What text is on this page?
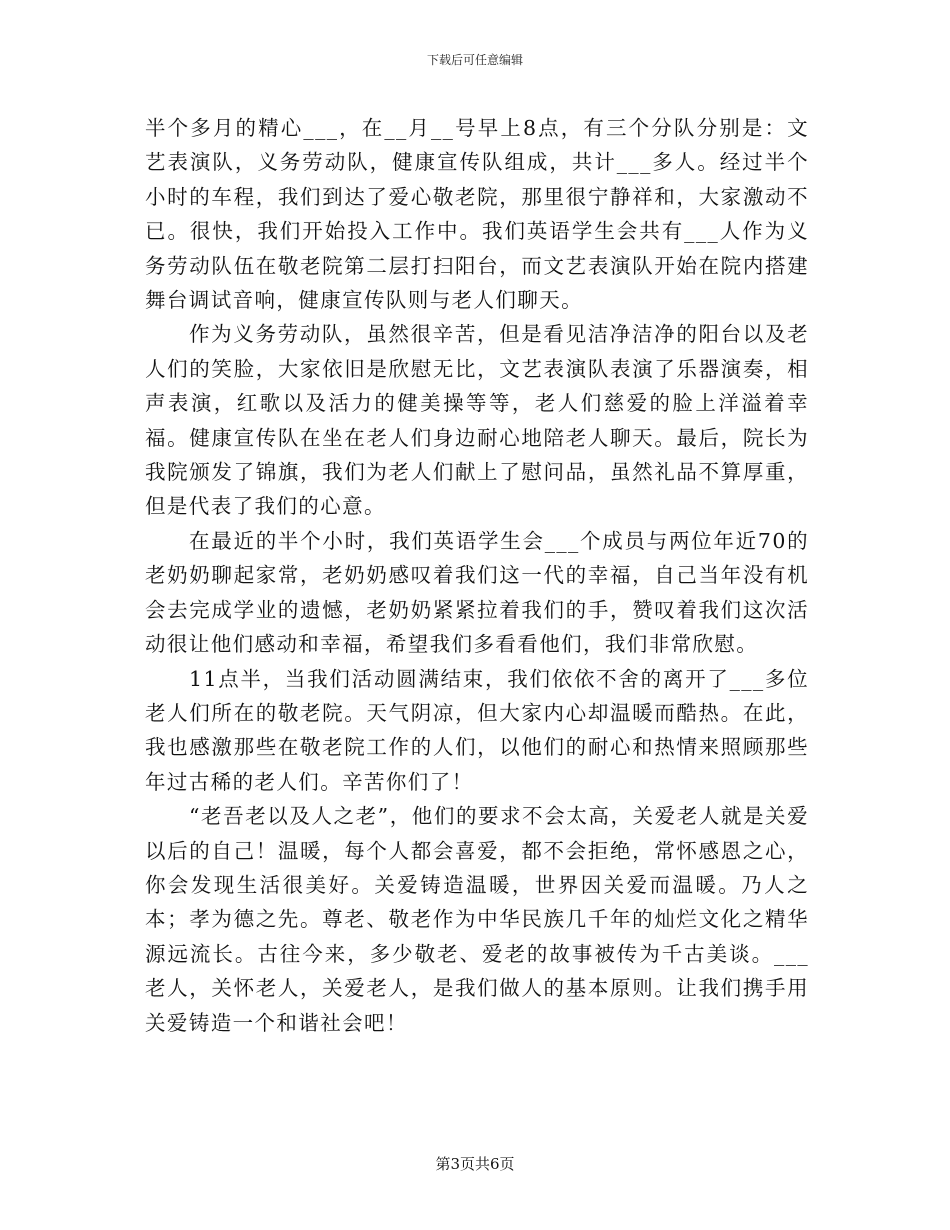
下载后可任意编辑

半个多月的精心___，在__月__号早上8点，有三个分队分别是：文艺表演队，义务劳动队，健康宣传队组成，共计___多人。经过半个小时的车程，我们到达了爱心敬老院，那里很宁静祥和，大家激动不已。很快，我们开始投入工作中。我们英语学生会共有___人作为义务劳动队伍在敬老院第二层打扫阳台，而文艺表演队开始在院内搭建舞台调试音响，健康宣传队则与老人们聊天。

作为义务劳动队，虽然很辛苦，但是看见洁净洁净的阳台以及老人们的笑脸，大家依旧是欣慰无比，文艺表演队表演了乐器演奏，相声表演，红歌以及活力的健美操等等，老人们慈爱的脸上洋溢着幸福。健康宣传队在坐在老人们身边耐心地陪老人聊天。最后，院长为我院颁发了锦旗，我们为老人们献上了慰问品，虽然礼品不算厚重，但是代表了我们的心意。

在最近的半个小时，我们英语学生会___个成员与两位年近70的老奶奶聊起家常，老奶奶感叹着我们这一代的幸福，自己当年没有机会去完成学业的遗憾，老奶奶紧紧拉着我们的手，赞叹着我们这次活动很让他们感动和幸福，希望我们多看看他们，我们非常欣慰。

11点半，当我们活动圆满结束，我们依依不舍的离开了___多位老人们所在的敬老院。天气阴凉，但大家内心却温暖而酷热。在此，我也感激那些在敬老院工作的人们，以他们的耐心和热情来照顾那些年过古稀的老人们。辛苦你们了！

“老吾老以及人之老”，他们的要求不会太高，关爱老人就是关爱以后的自己！温暖，每个人都会喜爱，都不会拒绝，常怀感恩之心，你会发现生活很美好。关爱铸造温暖，世界因关爱而温暖。乃人之本；孝为德之先。尊老、敬老作为中华民族几千年的灿烂文化之精华源远流长。古往今来，多少敬老、爱老的故事被传为千古美谈。___老人，关怀老人，关爱老人，是我们做人的基本原则。让我们携手用关爱铸造一个和谐社会吧！

第3页共6页
